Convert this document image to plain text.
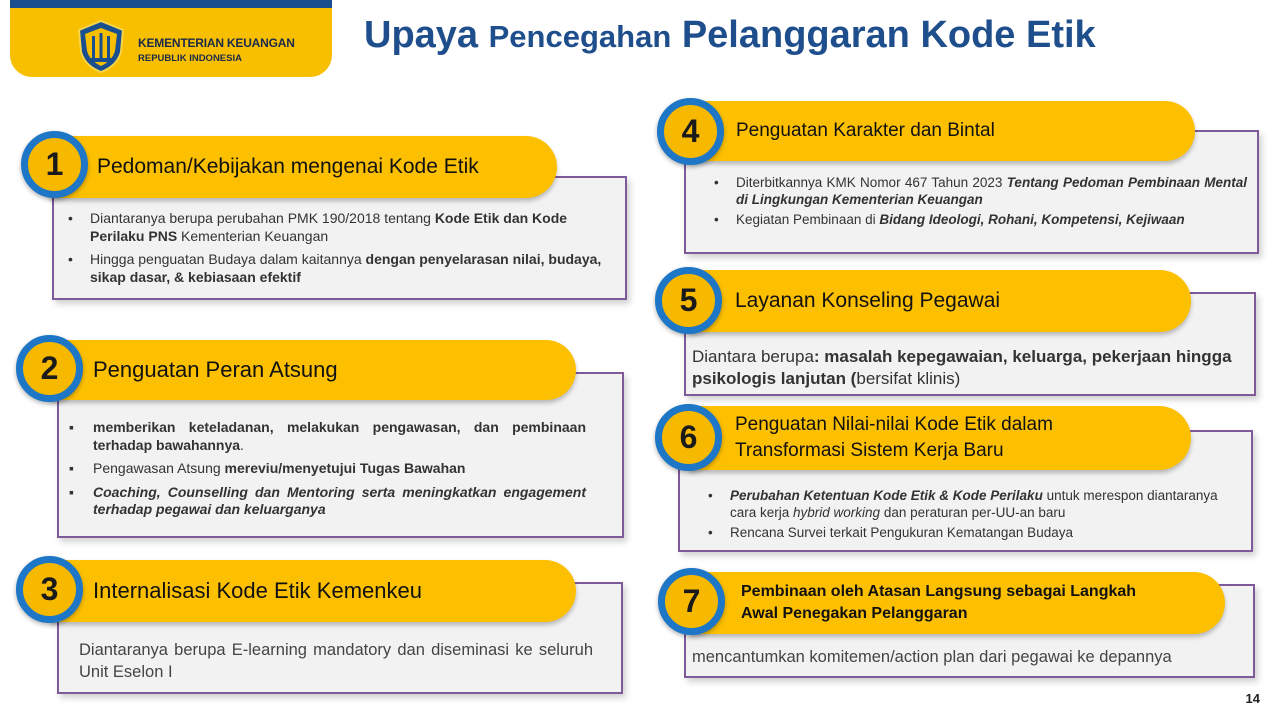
KEMENTERIAN KEUANGAN
REPUBLIK INDONESIA
Upaya Pencegahan Pelanggaran Kode Etik
• Diantaranya berupa perubahan PMK 190/2018 tentang Kode Etik dan Kode Perilaku PNS Kementerian Keuangan
• Hingga penguatan Budaya dalam kaitannya dengan penyelarasan nilai, budaya, sikap dasar, & kebiasaan efektif
Pedoman/Kebijakan mengenai Kode Etik
1
▪ memberikan keteladanan, melakukan pengawasan, dan pembinaan terhadap bawahannya.
▪ Pengawasan Atsung mereviu/menyetujui Tugas Bawahan
▪ Coaching, Counselling dan Mentoring serta meningkatkan engagement terhadap pegawai dan keluarganya
Penguatan Peran Atsung
2
Diantaranya berupa E-learning mandatory dan diseminasi ke seluruh Unit Eselon I
Internalisasi Kode Etik Kemenkeu
3
• Diterbitkannya KMK Nomor 467 Tahun 2023 Tentang Pedoman Pembinaan Mental di Lingkungan Kementerian Keuangan
• Kegiatan Pembinaan di Bidang Ideologi, Rohani, Kompetensi, Kejiwaan
Penguatan Karakter dan Bintal
4
Diantara berupa: masalah kepegawaian, keluarga, pekerjaan hingga psikologis lanjutan (bersifat klinis)
Layanan Konseling Pegawai
5
• Perubahan Ketentuan Kode Etik & Kode Perilaku untuk merespon diantaranya cara kerja hybrid working dan peraturan per-UU-an baru
• Rencana Survei terkait Pengukuran Kematangan Budaya
Penguatan Nilai-nilai Kode Etik dalam
Transformasi Sistem Kerja Baru
6
mencantumkan komitemen/action plan dari pegawai ke depannya
Pembinaan oleh Atasan Langsung sebagai Langkah
Awal Penegakan Pelanggaran
7
14
